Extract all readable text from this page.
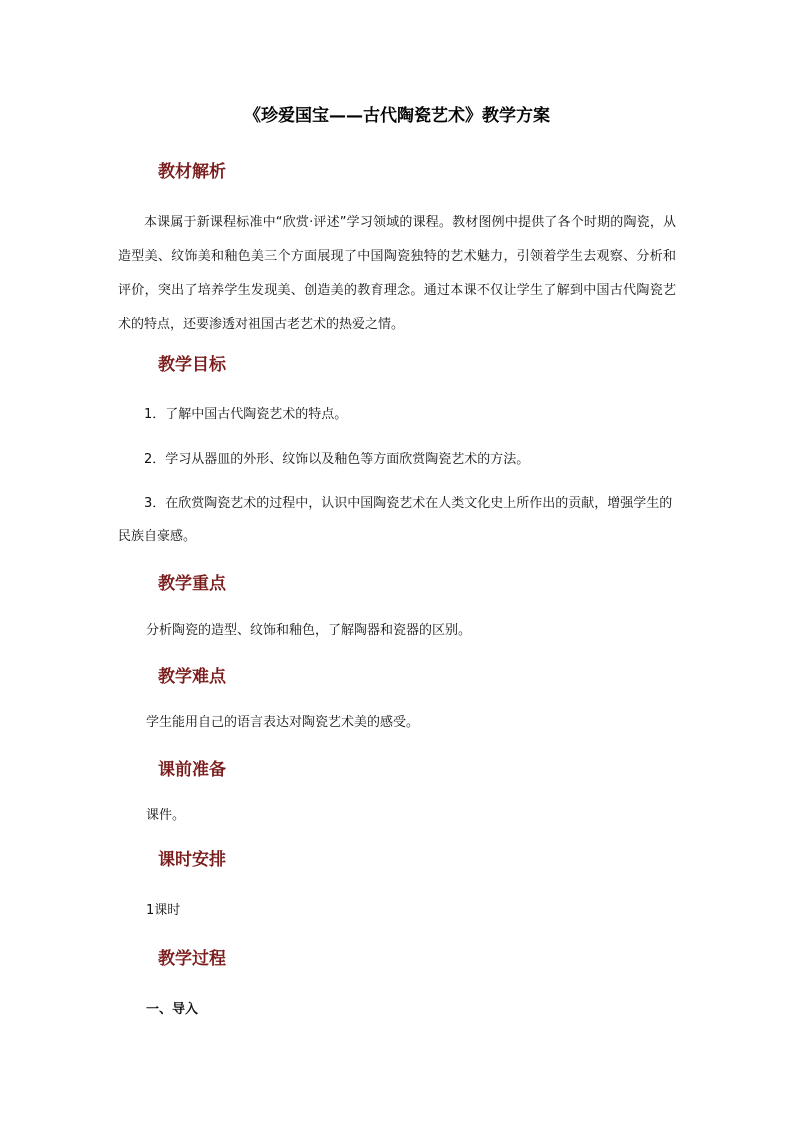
《珍爱国宝——古代陶瓷艺术》教学方案
教材解析

本课属于新课程标准中“欣赏·评述”学习领域的课程。教材图例中提供了各个时期的陶瓷，从造型美、纹饰美和釉色美三个方面展现了中国陶瓷独特的艺术魅力，引领着学生去观察、分析和评价，突出了培养学生发现美、创造美的教育理念。通过本课不仅让学生了解到中国古代陶瓷艺术的特点，还要渗透对祖国古老艺术的热爱之情。

教学目标

1．了解中国古代陶瓷艺术的特点。

2．学习从器皿的外形、纹饰以及釉色等方面欣赏陶瓷艺术的方法。

3．在欣赏陶瓷艺术的过程中，认识中国陶瓷艺术在人类文化史上所作出的贡献，增强学生的民族自豪感。

教学重点

分析陶瓷的造型、纹饰和釉色，了解陶器和瓷器的区别。

教学难点

学生能用自己的语言表达对陶瓷艺术美的感受。

课前准备

课件。

课时安排

1课时

教学过程

一、导入
